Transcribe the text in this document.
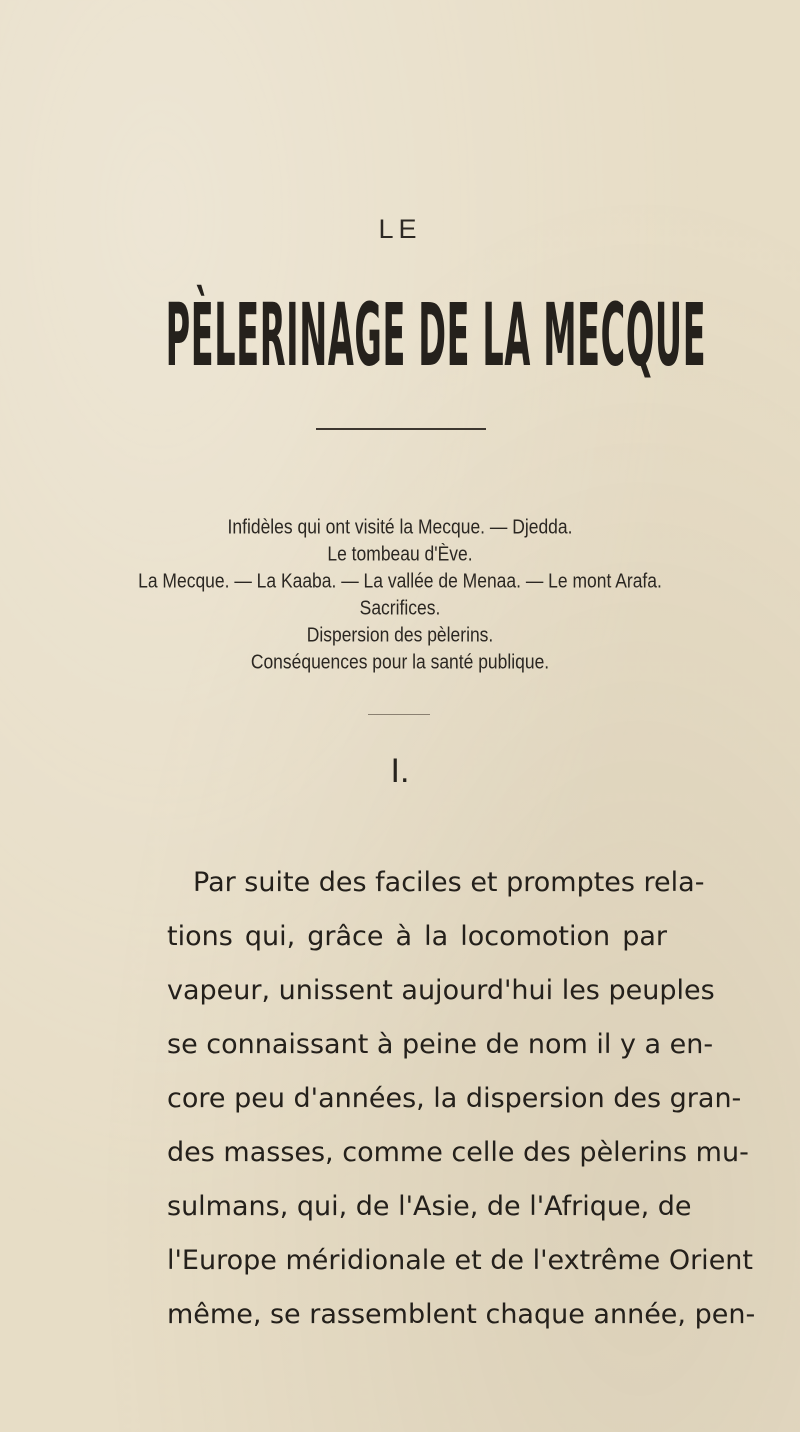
LE
PÈLERINAGE DE LA MECQUE
Infidèles qui ont visité la Mecque. — Djedda.
Le tombeau d'Ève.
La Mecque. — La Kaaba. — La vallée de Menaa. — Le mont Arafa.
Sacrifices.
Dispersion des pèlerins.
Conséquences pour la santé publique.
I.
Par suite des faciles et promptes rela-
tions qui, grâce à la locomotion par
vapeur, unissent aujourd'hui les peuples
se connaissant à peine de nom il y a en-
core peu d'années, la dispersion des gran-
des masses, comme celle des pèlerins mu-
sulmans, qui, de l'Asie, de l'Afrique, de
l'Europe méridionale et de l'extrême Orient
même, se rassemblent chaque année, pen-
